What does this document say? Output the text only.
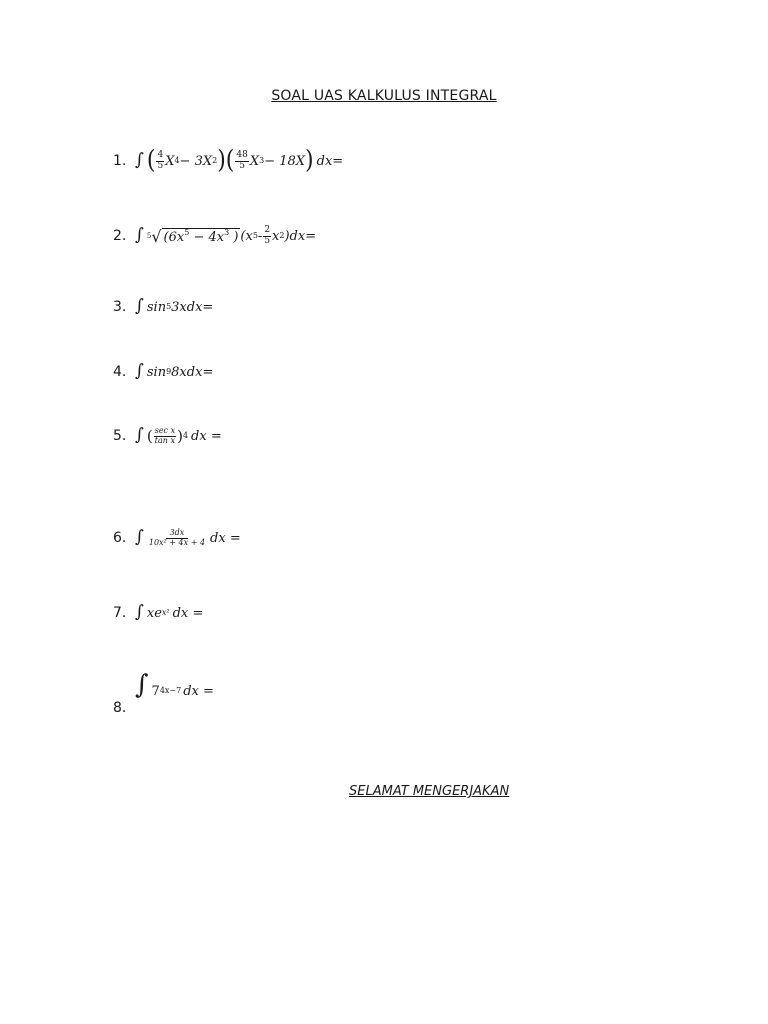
SOAL UAS KALKULUS INTEGRAL
1. ∫ ( $\frac{4}{5}$ X 4 − 3X 2 ) ( $\frac{48}{5}$ X 3 − 18X ) dx=
2. ∫ 5 √ ($6x^5 - 4x^3$ ) (x $5 - \frac{2}{5}$ x 2 )dx=
3. ∫ sin 5 3xdx=
4. ∫ sin 9 8xdx=
5. ∫ ( $\frac{\text{sec x}}{\text{tan x}}$ ) 4 dx =
6. ∫ $\frac{3dx}{\text{10x² + 4x + 4}}$ dx =
7. ∫ xe x² dx =
8.
∫ 7 4x−7 dx =
SELAMAT MENGERJAKAN
